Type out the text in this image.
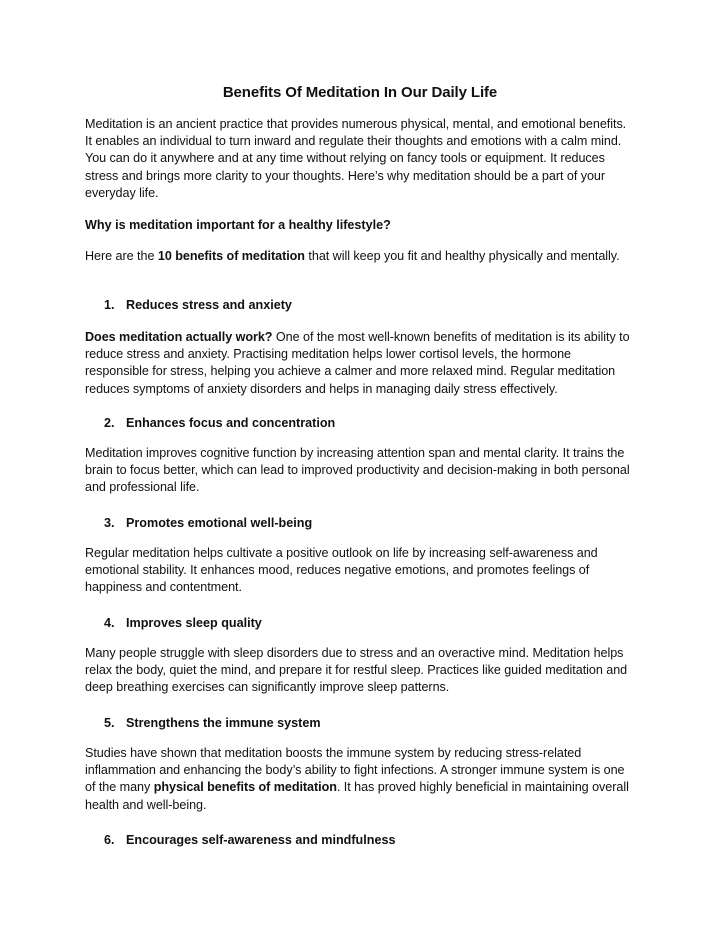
Benefits Of Meditation In Our Daily Life
Meditation is an ancient practice that provides numerous physical, mental, and emotional benefits. It enables an individual to turn inward and regulate their thoughts and emotions with a calm mind. You can do it anywhere and at any time without relying on fancy tools or equipment. It reduces stress and brings more clarity to your thoughts. Here’s why meditation should be a part of your everyday life.
Why is meditation important for a healthy lifestyle?
Here are the 10 benefits of meditation that will keep you fit and healthy physically and mentally.
1. Reduces stress and anxiety
Does meditation actually work? One of the most well-known benefits of meditation is its ability to reduce stress and anxiety. Practising meditation helps lower cortisol levels, the hormone responsible for stress, helping you achieve a calmer and more relaxed mind. Regular meditation reduces symptoms of anxiety disorders and helps in managing daily stress effectively.
2. Enhances focus and concentration
Meditation improves cognitive function by increasing attention span and mental clarity. It trains the brain to focus better, which can lead to improved productivity and decision-making in both personal and professional life.
3. Promotes emotional well-being
Regular meditation helps cultivate a positive outlook on life by increasing self-awareness and emotional stability. It enhances mood, reduces negative emotions, and promotes feelings of happiness and contentment.
4. Improves sleep quality
Many people struggle with sleep disorders due to stress and an overactive mind. Meditation helps relax the body, quiet the mind, and prepare it for restful sleep. Practices like guided meditation and deep breathing exercises can significantly improve sleep patterns.
5. Strengthens the immune system
Studies have shown that meditation boosts the immune system by reducing stress-related inflammation and enhancing the body’s ability to fight infections. A stronger immune system is one of the many physical benefits of meditation. It has proved highly beneficial in maintaining overall health and well-being.
6. Encourages self-awareness and mindfulness
